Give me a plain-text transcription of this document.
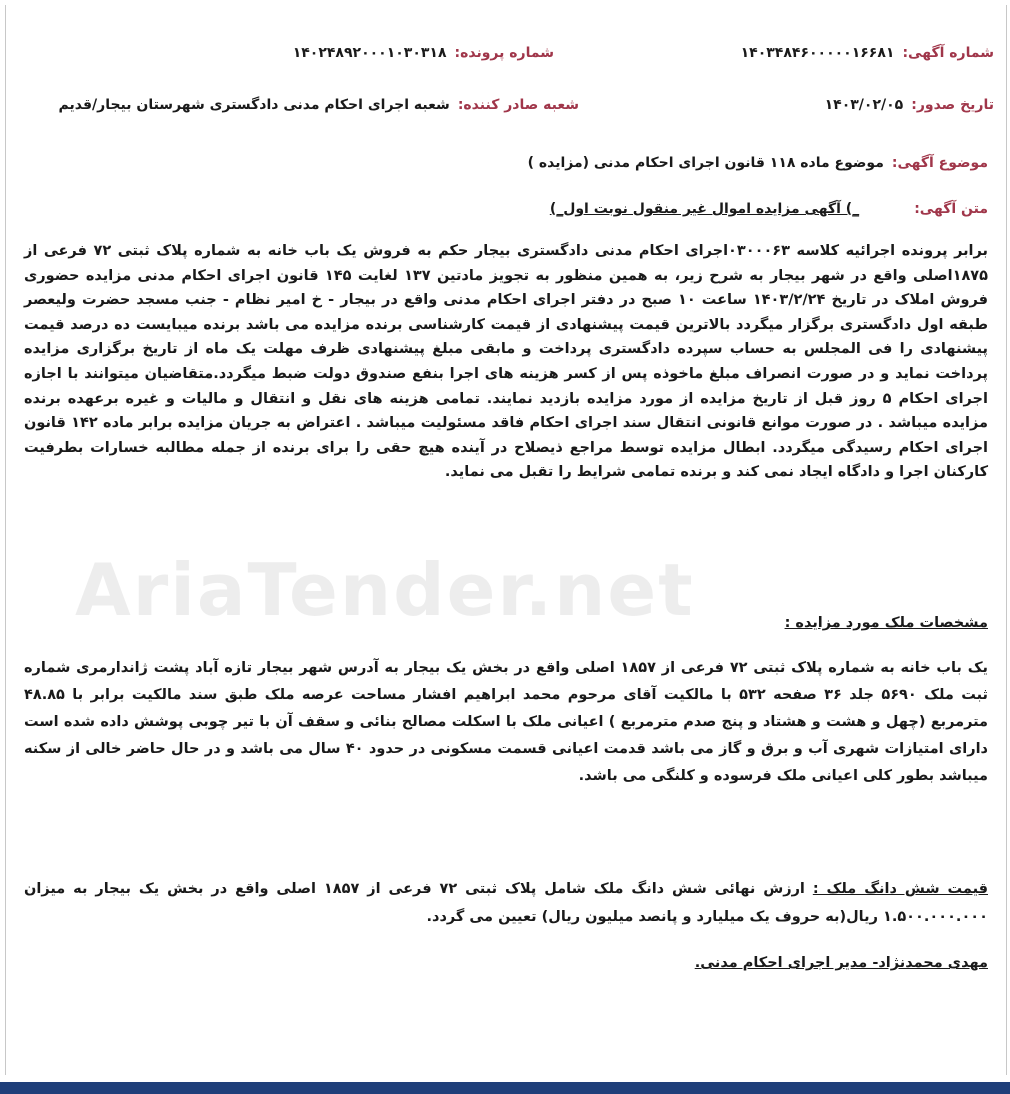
AriaTender.net
شماره آگهی:
۱۴۰۳۴۸۴۶۰۰۰۰۰۱۶۶۸۱
شماره پرونده:
۱۴۰۲۴۸۹۲۰۰۰۱۰۳۰۳۱۸
تاریخ صدور:
۱۴۰۳/۰۲/۰۵
شعبه صادر کننده:
شعبه اجرای احکام مدنی دادگستری شهرستان بیجار/قدیم
موضوع آگهی:
موضوع ماده ۱۱۸ قانون اجرای احکام مدنی (مزایده )
متن آگهی:
_) آگهی مزایده اموال غیر منقول نوبت اول_)
برابر پرونده اجرائیه کلاسه ۰۳۰۰۰۶۳اجرای احکام مدنی دادگستری بیجار حکم به فروش یک باب خانه به شماره پلاک ثبتی ۷۲ فرعی از ۱۸۷۵اصلی واقع در شهر بیجار به شرح زیر، به همین منظور به تجویز مادتین ۱۳۷ لغایت ۱۴۵ قانون اجرای احکام مدنی مزایده حضوری فروش املاک در تاریخ ۱۴۰۳/۲/۲۴ ساعت ۱۰ صبح در دفتر اجرای احکام مدنی واقع در بیجار - خ امیر نظام - جنب مسجد حضرت ولیعصر طبقه اول دادگستری برگزار میگردد بالاترین قیمت پیشنهادی از قیمت کارشناسی برنده مزایده می باشد برنده میبایست ده درصد قیمت پیشنهادی را فی المجلس به حساب سپرده دادگستری پرداخت و مابقی مبلغ پیشنهادی ظرف مهلت یک ماه از تاریخ برگزاری مزایده پرداخت نماید و در صورت انصراف مبلغ ماخوذه پس از کسر هزینه های اجرا بنفع صندوق دولت ضبط میگردد.متقاضیان میتوانند با اجازه اجرای احکام ۵ روز قبل از تاریخ مزایده از مورد مزایده بازدید نمایند. تمامی هزینه های نقل و انتقال و مالیات و غیره برعهده برنده مزایده میباشد . در صورت موانع قانونی انتقال سند اجرای احکام فاقد مسئولیت میباشد . اعتراض به جریان مزایده برابر ماده ۱۴۲ قانون اجرای احکام رسیدگی میگردد. ابطال مزایده توسط مراجع ذیصلاح در آینده هیچ حقی را برای برنده از جمله مطالبه خسارات بطرفیت کارکنان اجرا و دادگاه ایجاد نمی کند و برنده تمامی شرایط را تقبل می نماید.
مشخصات ملک مورد مزایده :
یک باب خانه به شماره پلاک ثبتی ۷۲ فرعی از ۱۸۵۷ اصلی واقع در بخش یک بیجار به آدرس شهر بیجار تازه آباد پشت ژاندارمری شماره ثبت ملک ۵۶۹۰ جلد ۳۶ صفحه ۵۳۲ با مالکیت آقای مرحوم محمد ابراهیم افشار مساحت عرصه ملک طبق سند مالکیت برابر با ۴۸.۸۵ مترمربع (چهل و هشت و هشتاد و پنج صدم مترمربع ) اعیانی ملک با اسکلت مصالح بنائی و سقف آن با تیر چوبی پوشش داده شده است دارای امتیازات شهری آب و برق و گاز می باشد قدمت اعیانی قسمت مسکونی در حدود ۴۰ سال می باشد و در حال حاضر خالی از سکنه میباشد بطور کلی اعیانی ملک فرسوده و کلنگی می باشد.
قیمت شش دانگ ملک : ارزش نهائی شش دانگ ملک شامل پلاک ثبتی ۷۲ فرعی از ۱۸۵۷ اصلی واقع در بخش یک بیجار به میزان ۱.۵۰۰.۰۰۰.۰۰۰ ریال(به حروف یک میلیارد و پانصد میلیون ریال) تعیین می گردد.
مهدی محمدنژاد- مدیر اجرای احکام مدنی.
